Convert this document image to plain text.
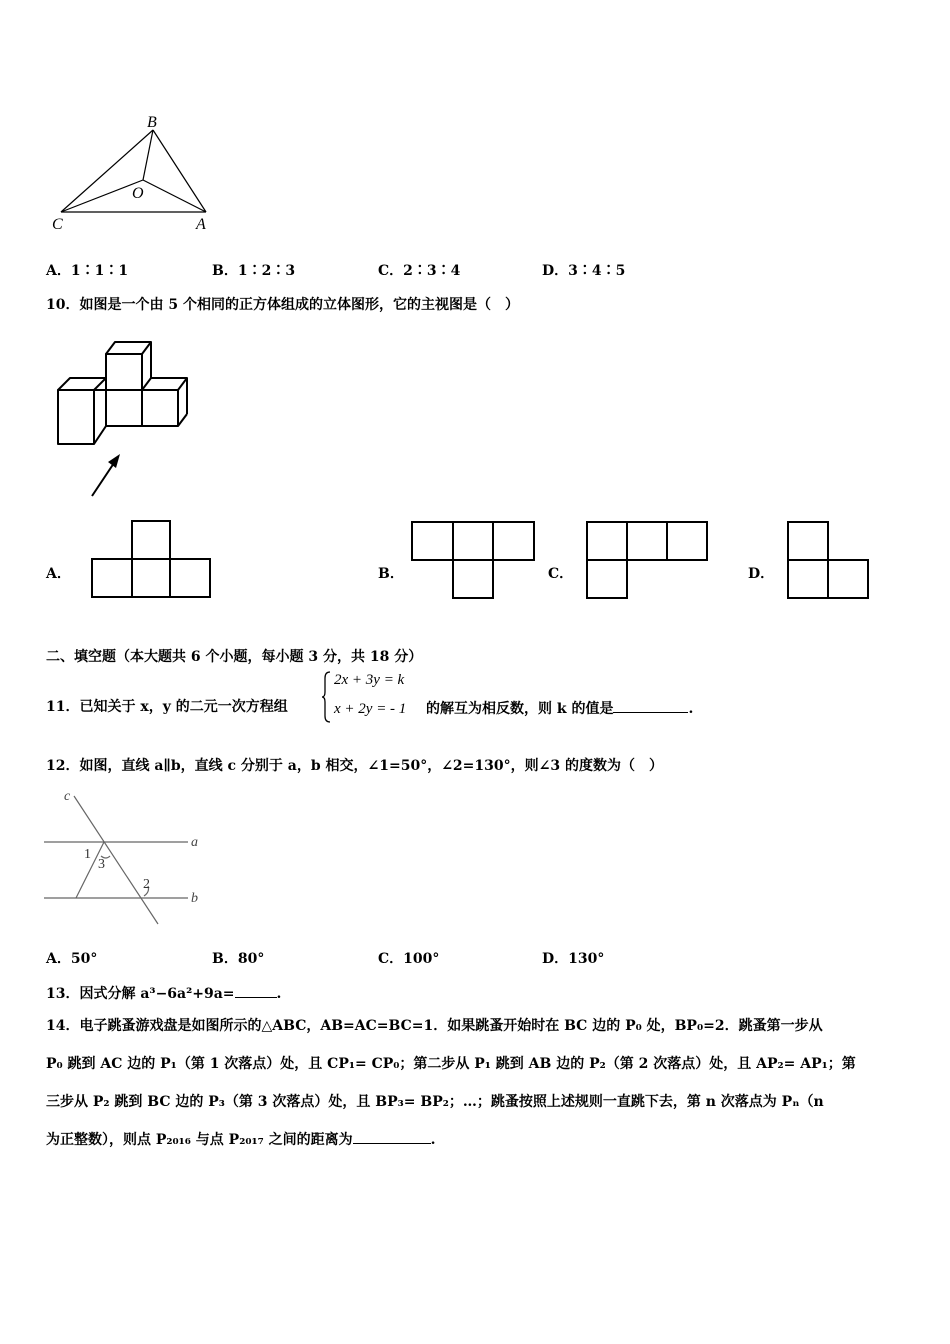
B
O
C	A
A．1∶1∶1	B．1∶2∶3	C．2∶3∶4	D．3∶4∶5
10．如图是一个由 5 个相同的正方体组成的立体图形，它的主视图是（　）
A．	B．	C．	D．
二、填空题（本大题共 6 个小题，每小题 3 分，共 18 分）
11．已知关于 x，y 的二元一次方程组
2x + 3y = k
x + 2y = - 1 的解互为相反数，则 k 的值是	.
12．如图，直线 a∥b，直线 c 分别于 a，b 相交，∠1=50°，∠2=130°，则∠3 的度数为（　）
c
a
b
1
3
2
A．50°	B．80°	C．100°	D．130°
13．因式分解 a³−6a²+9a=	.
14．电子跳蚤游戏盘是如图所示的△ABC，AB=AC=BC=1．如果跳蚤开始时在 BC 边的 P₀ 处，BP₀=2．跳蚤第一步从
P₀ 跳到 AC 边的 P₁（第 1 次落点）处，且 CP₁= CP₀；第二步从 P₁ 跳到 AB 边的 P₂（第 2 次落点）处，且 AP₂= AP₁；第
三步从 P₂ 跳到 BC 边的 P₃（第 3 次落点）处，且 BP₃= BP₂；…；跳蚤按照上述规则一直跳下去，第 n 次落点为 Pₙ（n
为正整数），则点 P₂₀₁₆ 与点 P₂₀₁₇ 之间的距离为	.
